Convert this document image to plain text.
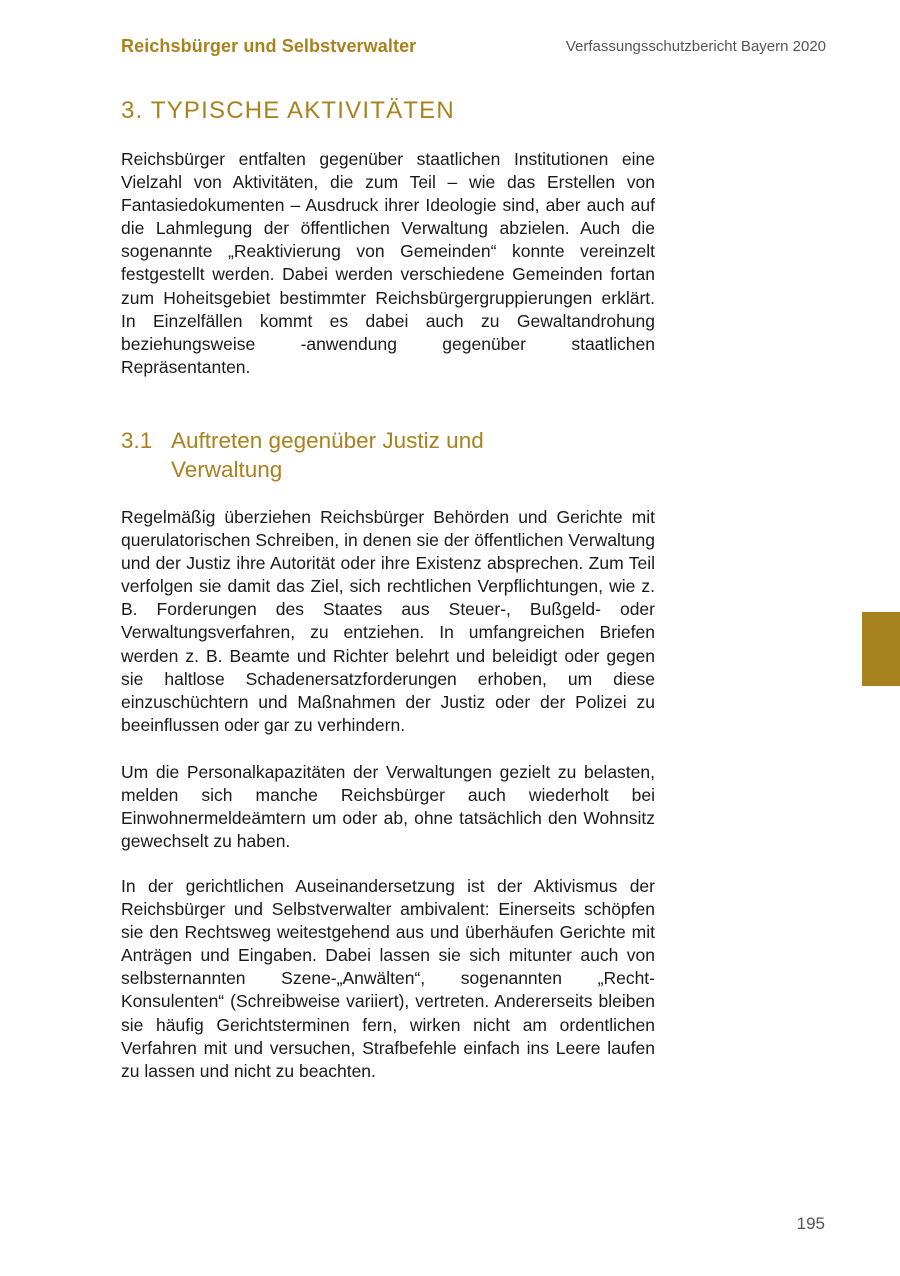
Reichsbürger und Selbstverwalter	Verfassungsschutzbericht Bayern 2020
3. TYPISCHE AKTIVITÄTEN

Reichsbürger entfalten gegenüber staatlichen Institutionen eine Vielzahl von Aktivitäten, die zum Teil – wie das Erstellen von Fantasiedokumenten – Ausdruck ihrer Ideologie sind, aber auch auf die Lahmlegung der öffentlichen Verwaltung abzielen. Auch die sogenannte „Reaktivierung von Gemeinden“ konnte vereinzelt festgestellt werden. Dabei werden verschiedene Gemeinden fortan zum Hoheitsgebiet bestimmter Reichsbürgergruppierungen erklärt. In Einzelfällen kommt es dabei auch zu Gewaltandrohung beziehungsweise -anwendung gegenüber staatlichen Repräsentanten.

3.1 Auftreten gegenüber Justiz und Verwaltung

Regelmäßig überziehen Reichsbürger Behörden und Gerichte mit querulatorischen Schreiben, in denen sie der öffentlichen Verwaltung und der Justiz ihre Autorität oder ihre Existenz absprechen. Zum Teil verfolgen sie damit das Ziel, sich rechtlichen Verpflichtungen, wie z. B. Forderungen des Staates aus Steuer-, Bußgeld- oder Verwaltungsverfahren, zu entziehen. In umfangreichen Briefen werden z. B. Beamte und Richter belehrt und beleidigt oder gegen sie haltlose Schadenersatzforderungen erhoben, um diese einzuschüchtern und Maßnahmen der Justiz oder der Polizei zu beeinflussen oder gar zu verhindern.

Um die Personalkapazitäten der Verwaltungen gezielt zu belasten, melden sich manche Reichsbürger auch wiederholt bei Einwohnermeldeämtern um oder ab, ohne tatsächlich den Wohnsitz gewechselt zu haben.

In der gerichtlichen Auseinandersetzung ist der Aktivismus der Reichsbürger und Selbstverwalter ambivalent: Einerseits schöpfen sie den Rechtsweg weitestgehend aus und überhäufen Gerichte mit Anträgen und Eingaben. Dabei lassen sie sich mitunter auch von selbsternannten Szene-„Anwälten“, sogenannten „Recht-Konsulenten“ (Schreibweise variiert), vertreten. Andererseits bleiben sie häufig Gerichtsterminen fern, wirken nicht am ordentlichen Verfahren mit und versuchen, Strafbefehle einfach ins Leere laufen zu lassen und nicht zu beachten.

195
